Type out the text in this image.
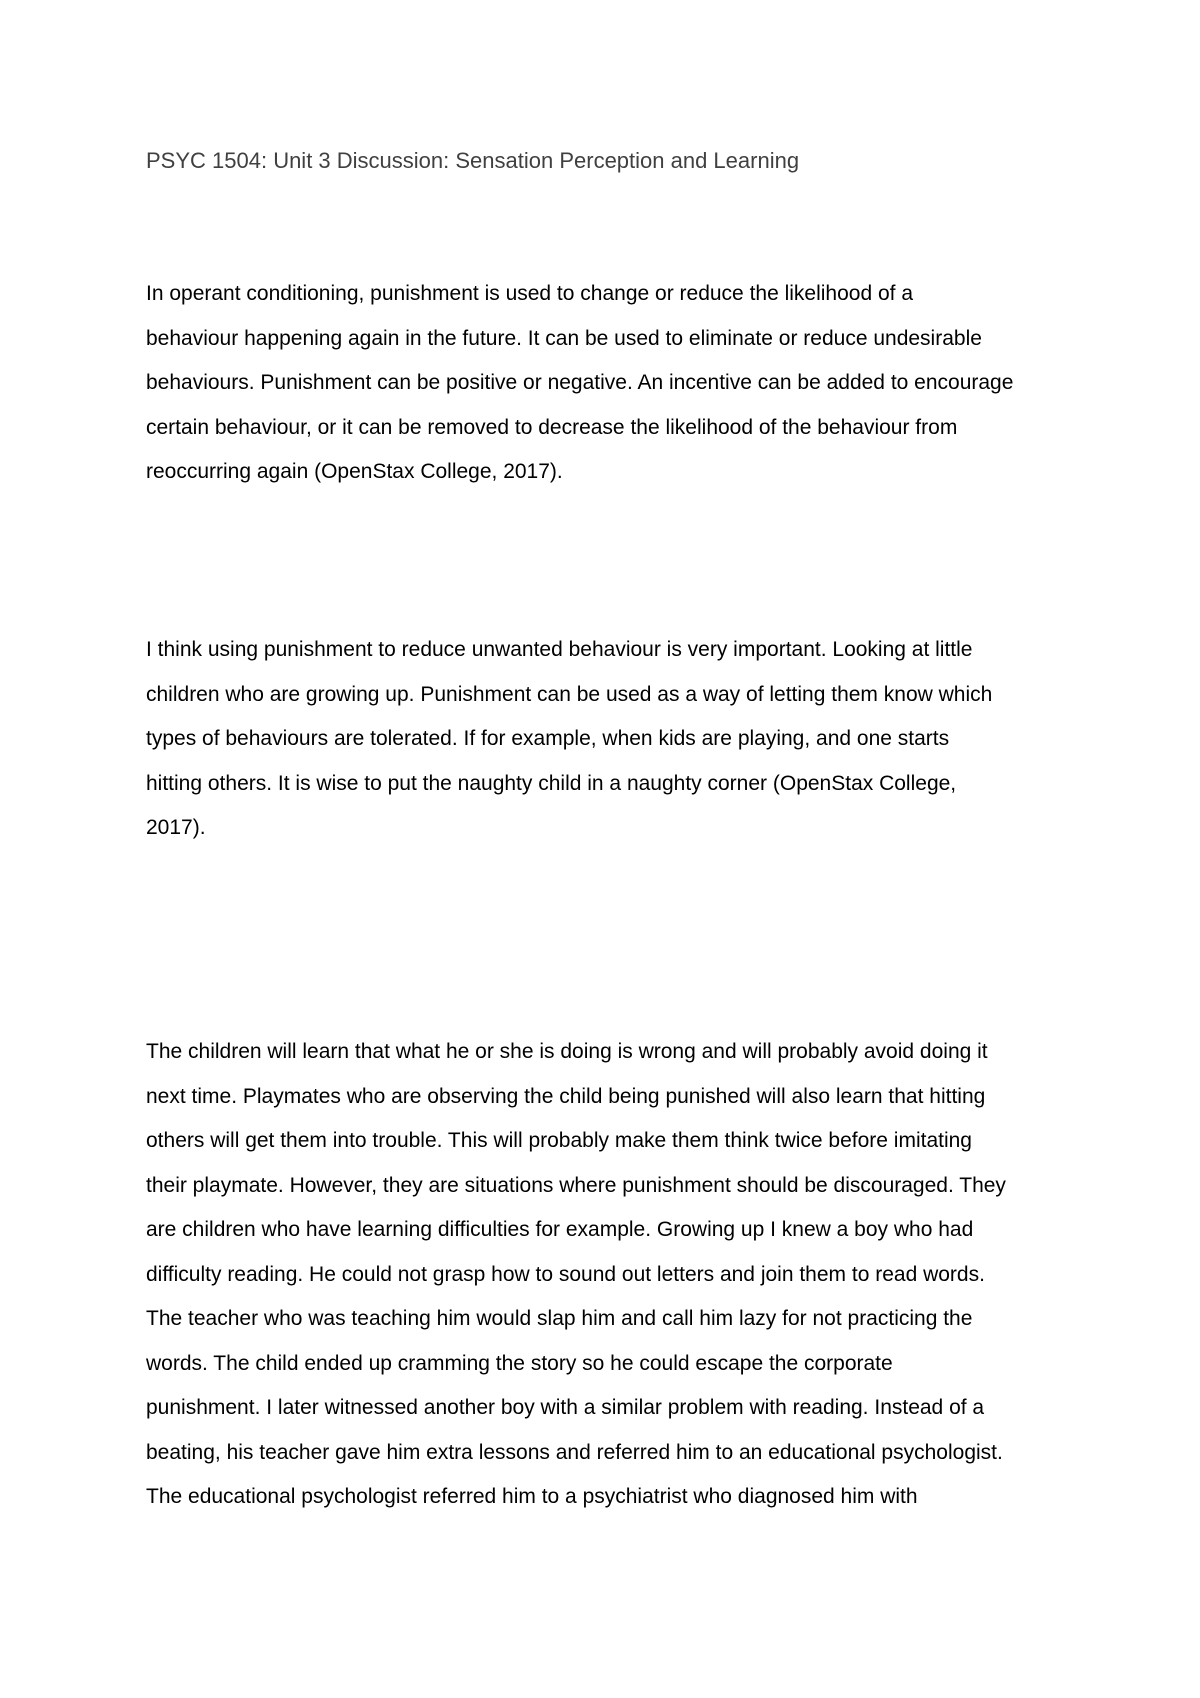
PSYC 1504: Unit 3 Discussion: Sensation Perception and Learning
In operant conditioning, punishment is used to change or reduce the likelihood of a
behaviour happening again in the future. It can be used to eliminate or reduce undesirable
behaviours. Punishment can be positive or negative. An incentive can be added to encourage
certain behaviour, or it can be removed to decrease the likelihood of the behaviour from
reoccurring again (OpenStax College, 2017).
I think using punishment to reduce unwanted behaviour is very important. Looking at little
children who are growing up. Punishment can be used as a way of letting them know which
types of behaviours are tolerated. If for example, when kids are playing, and one starts
hitting others. It is wise to put the naughty child in a naughty corner (OpenStax College,
2017).
The children will learn that what he or she is doing is wrong and will probably avoid doing it
next time. Playmates who are observing the child being punished will also learn that hitting
others will get them into trouble. This will probably make them think twice before imitating
their playmate. However, they are situations where punishment should be discouraged. They
are children who have learning difficulties for example. Growing up I knew a boy who had
difficulty reading. He could not grasp how to sound out letters and join them to read words.
The teacher who was teaching him would slap him and call him lazy for not practicing the
words. The child ended up cramming the story so he could escape the corporate
punishment. I later witnessed another boy with a similar problem with reading. Instead of a
beating, his teacher gave him extra lessons and referred him to an educational psychologist.
The educational psychologist referred him to a psychiatrist who diagnosed him with
